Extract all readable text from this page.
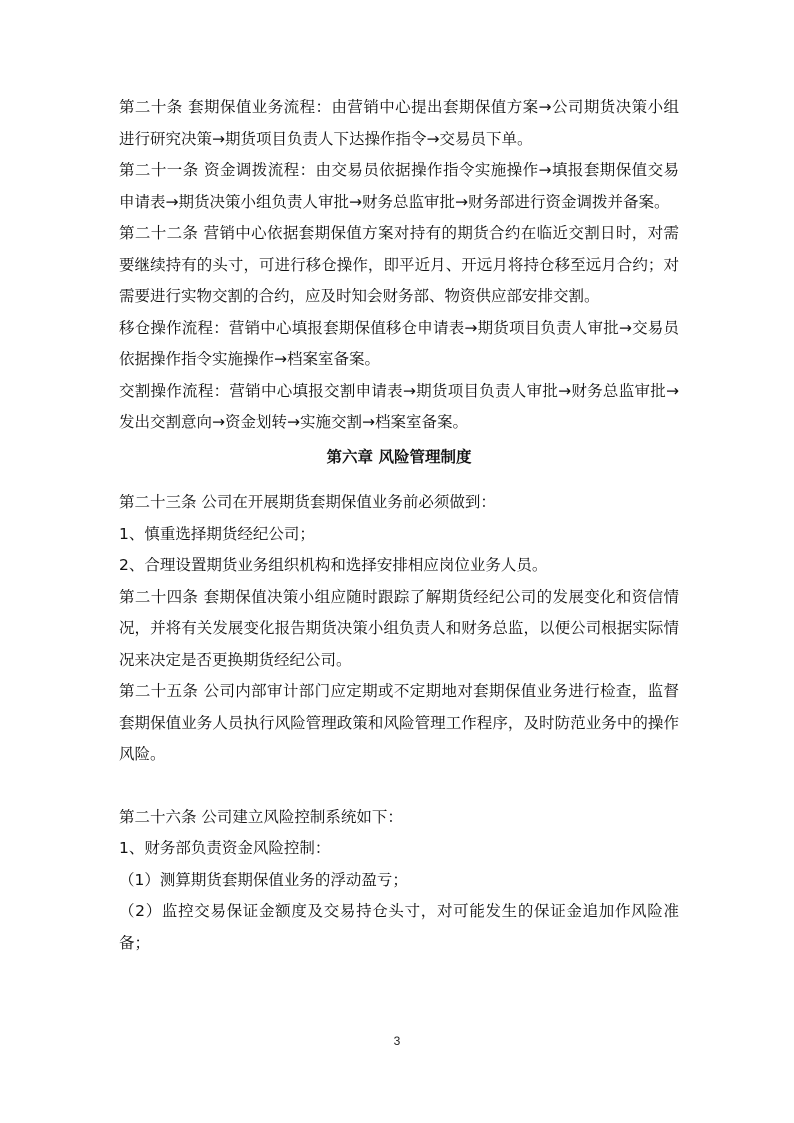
第二十条 套期保值业务流程：由营销中心提出套期保值方案→公司期货决策小组进行研究决策→期货项目负责人下达操作指令→交易员下单。

第二十一条 资金调拨流程：由交易员依据操作指令实施操作→填报套期保值交易申请表→期货决策小组负责人审批→财务总监审批→财务部进行资金调拨并备案。

第二十二条 营销中心依据套期保值方案对持有的期货合约在临近交割日时，对需要继续持有的头寸，可进行移仓操作，即平近月、开远月将持仓移至远月合约；对需要进行实物交割的合约，应及时知会财务部、物资供应部安排交割。

移仓操作流程：营销中心填报套期保值移仓申请表→期货项目负责人审批→交易员依据操作指令实施操作→档案室备案。

交割操作流程：营销中心填报交割申请表→期货项目负责人审批→财务总监审批→发出交割意向→资金划转→实施交割→档案室备案。

第六章 风险管理制度

第二十三条 公司在开展期货套期保值业务前必须做到：

1、慎重选择期货经纪公司；

2、合理设置期货业务组织机构和选择安排相应岗位业务人员。

第二十四条 套期保值决策小组应随时跟踪了解期货经纪公司的发展变化和资信情况，并将有关发展变化报告期货决策小组负责人和财务总监，以便公司根据实际情况来决定是否更换期货经纪公司。

第二十五条 公司内部审计部门应定期或不定期地对套期保值业务进行检查，监督套期保值业务人员执行风险管理政策和风险管理工作程序，及时防范业务中的操作风险。

第二十六条 公司建立风险控制系统如下：

1、财务部负责资金风险控制：

（1）测算期货套期保值业务的浮动盈亏；

（2）监控交易保证金额度及交易持仓头寸，对可能发生的保证金追加作风险准备；

3
